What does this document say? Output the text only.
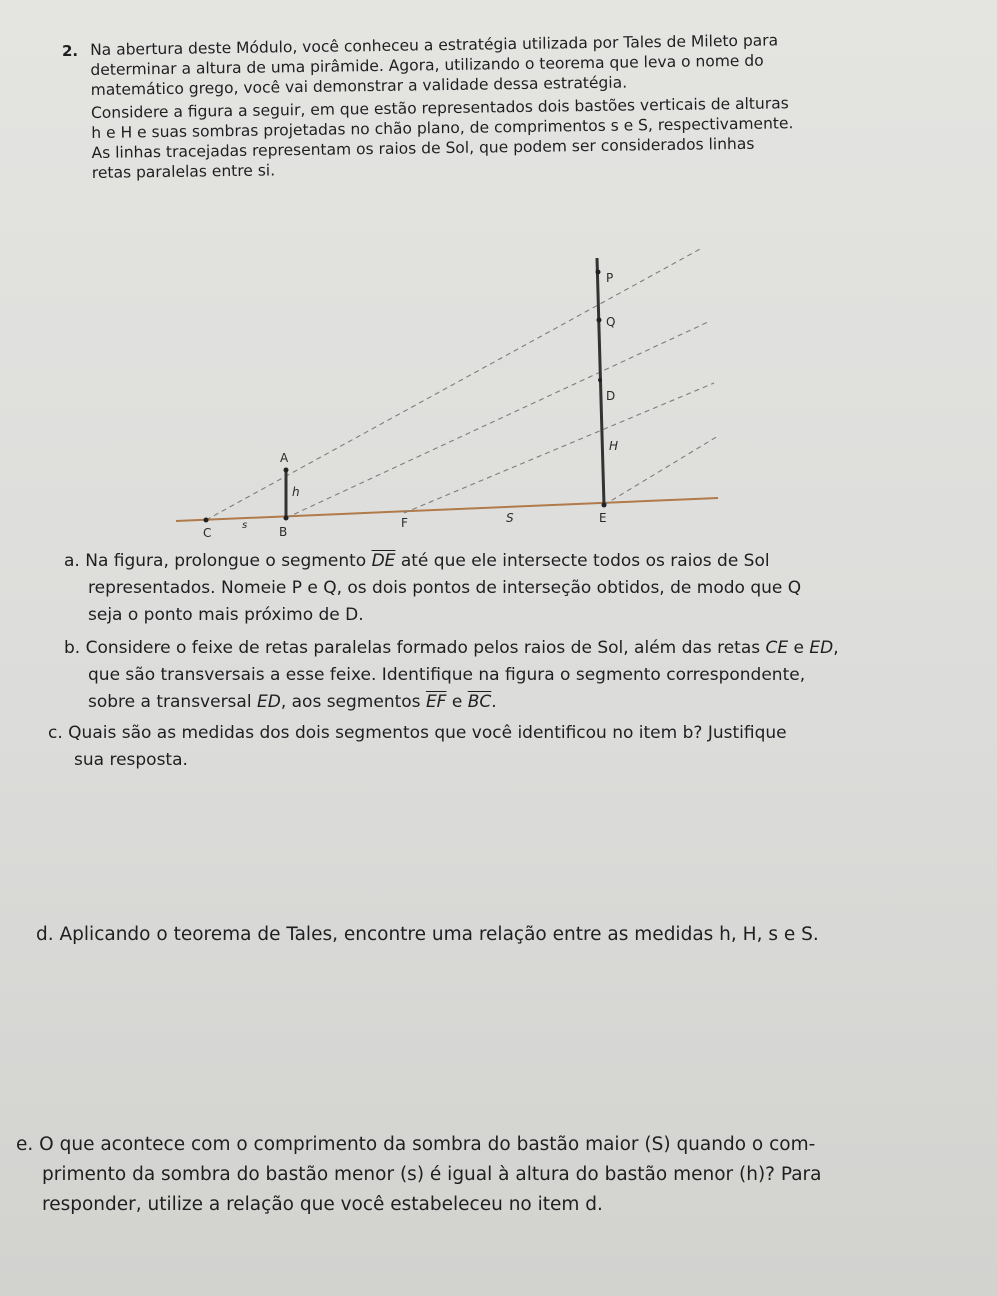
2. Na abertura deste Módulo, você conheceu a estratégia utilizada por Tales de Mileto para
determinar a altura de uma pirâmide. Agora, utilizando o teorema que leva o nome do
matemático grego, você vai demonstrar a validade dessa estratégia.
Considere a figura a seguir, em que estão representados dois bastões verticais de alturas
h e H e suas sombras projetadas no chão plano, de comprimentos s e S, respectivamente.
As linhas tracejadas representam os raios de Sol, que podem ser considerados linhas
retas paralelas entre si.
P
Q
D
H
A
h
C
s	B
F	S	E
a. Na figura, prolongue o segmento $\overline{DE}$ até que ele intersecte todos os raios de Sol
representados. Nomeie P e Q, os dois pontos de interseção obtidos, de modo que Q
seja o ponto mais próximo de D.
b. Considere o feixe de retas paralelas formado pelos raios de Sol, além das retas CE e ED,
que são transversais a esse feixe. Identifique na figura o segmento correspondente,
sobre a transversal ED, aos segmentos $\overline{EF}$ e $\overline{BC}$.
c. Quais são as medidas dos dois segmentos que você identificou no item b? Justifique
sua resposta.
d. Aplicando o teorema de Tales, encontre uma relação entre as medidas h, H, s e S.
e. O que acontece com o comprimento da sombra do bastão maior (S) quando o com-
primento da sombra do bastão menor (s) é igual à altura do bastão menor (h)? Para
responder, utilize a relação que você estabeleceu no item d.
